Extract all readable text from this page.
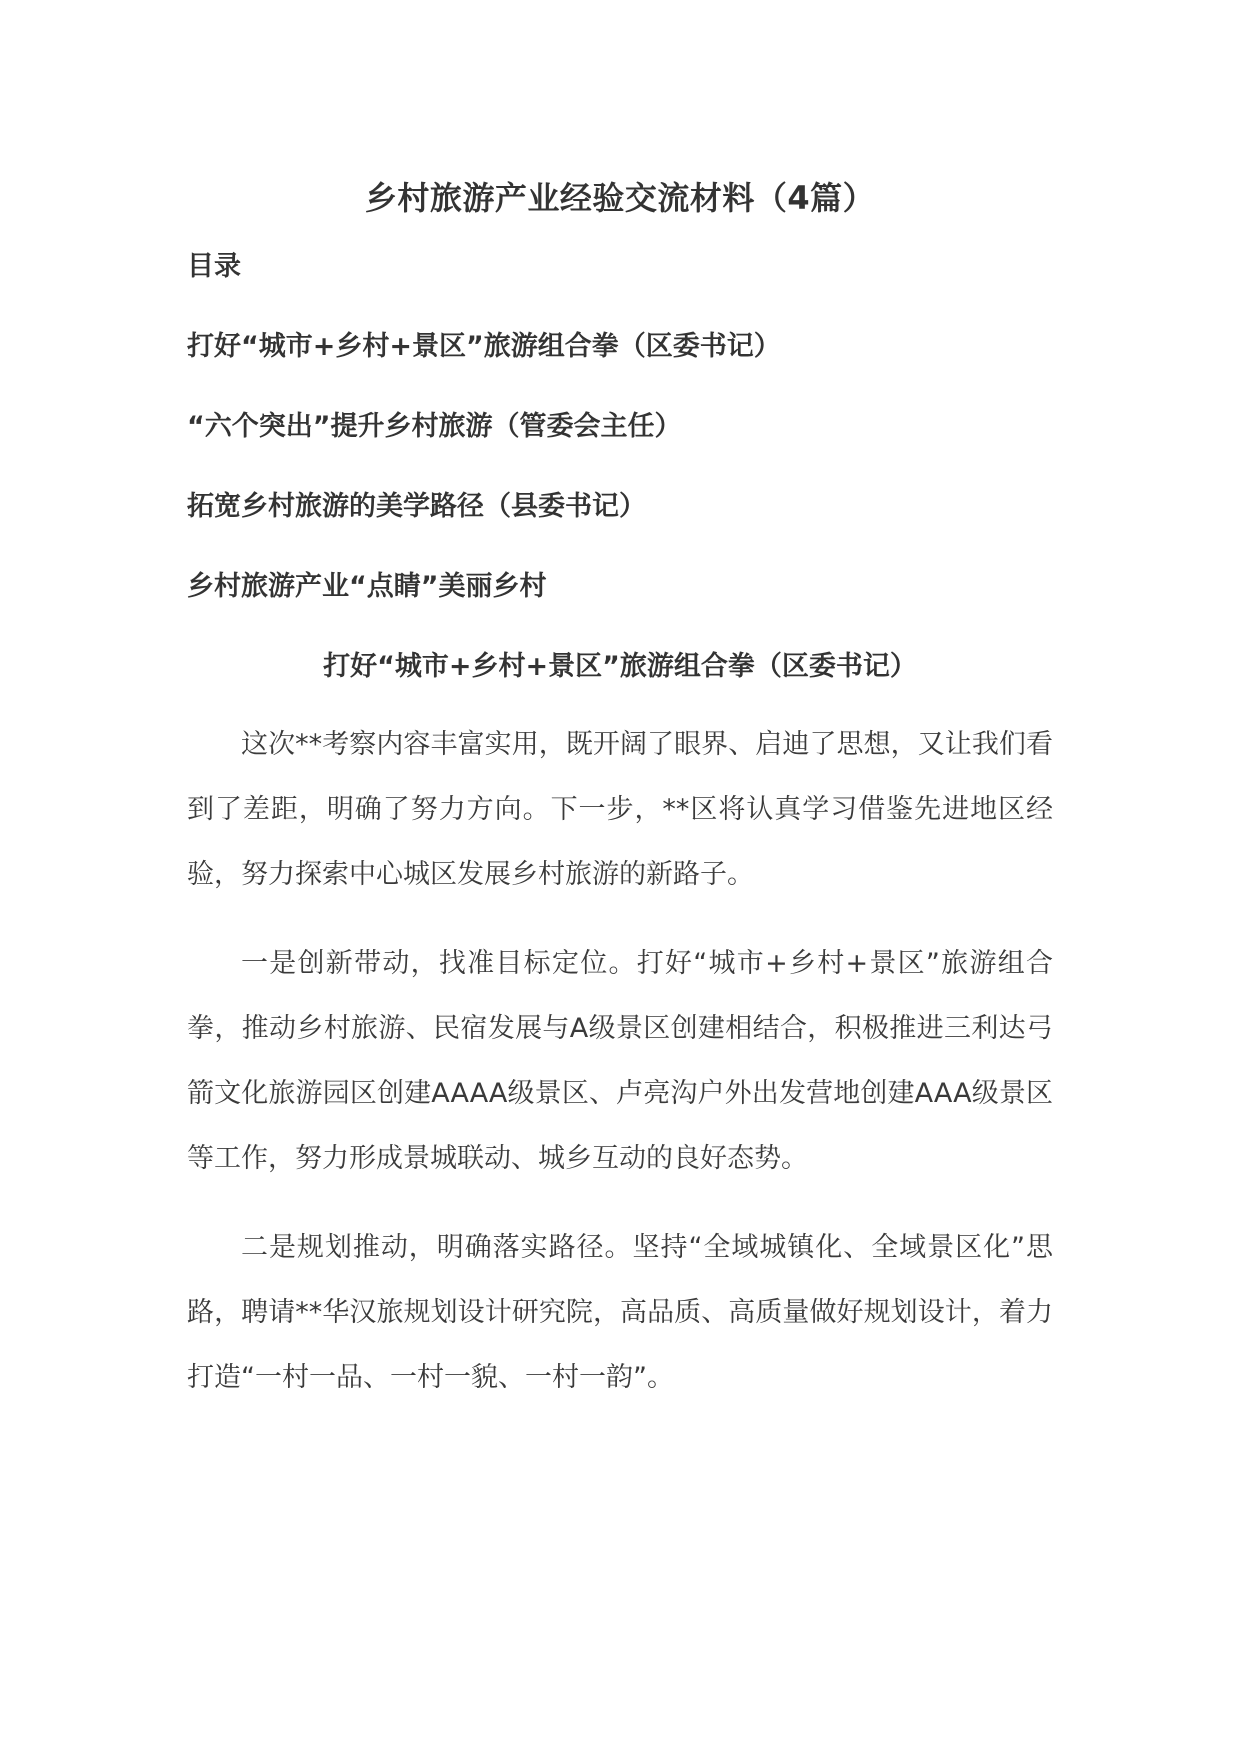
乡村旅游产业经验交流材料（4篇）
目录
打好“城市+乡村+景区”旅游组合拳（区委书记）
“六个突出”提升乡村旅游（管委会主任）
拓宽乡村旅游的美学路径（县委书记）
乡村旅游产业“点睛”美丽乡村
打好“城市+乡村+景区”旅游组合拳（区委书记）

这次**考察内容丰富实用，既开阔了眼界、启迪了思想，又让我们看到了差距，明确了努力方向。下一步，**区将认真学习借鉴先进地区经验，努力探索中心城区发展乡村旅游的新路子。

一是创新带动，找准目标定位。打好“城市+乡村+景区”旅游组合拳，推动乡村旅游、民宿发展与A级景区创建相结合，积极推进三利达弓箭文化旅游园区创建AAAA级景区、卢亮沟户外出发营地创建AAA级景区等工作，努力形成景城联动、城乡互动的良好态势。

二是规划推动，明确落实路径。坚持“全域城镇化、全域景区化”思路，聘请**华汉旅规划设计研究院，高品质、高质量做好规划设计，着力打造“一村一品、一村一貌、一村一韵”。
